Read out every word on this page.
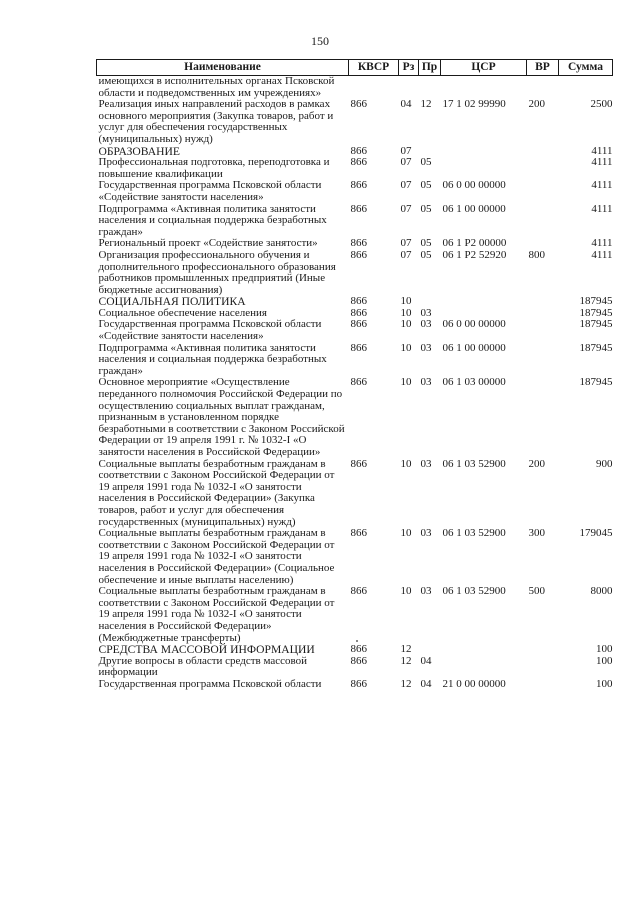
150
Наименование	КВСР	Рз	Пр	ЦСР	ВР	Сумма
имеющихся в исполнительных органах Псковской области и подведомственных им учреждениях»						
Реализация иных направлений расходов в рамках основного мероприятия (Закупка товаров, работ и услуг для обеспечения государственных (муниципальных) нужд)	866	04	12	17 1 02 99990	200	2500
ОБРАЗОВАНИЕ	866	07				4111
Профессиональная подготовка, переподготовка и повышение квалификации	866	07	05			4111
Государственная программа Псковской области «Содействие занятости населения»	866	07	05	06 0 00 00000		4111
Подпрограмма «Активная политика занятости населения и социальная поддержка безработных граждан»	866	07	05	06 1 00 00000		4111
Региональный проект «Содействие занятости»	866	07	05	06 1 P2 00000		4111
Организация профессионального обучения и дополнительного профессионального образования работников промышленных предприятий (Иные бюджетные ассигнования)	866	07	05	06 1 P2 52920	800	4111
СОЦИАЛЬНАЯ ПОЛИТИКА	866	10				187945
Социальное обеспечение населения	866	10	03			187945
Государственная программа Псковской области «Содействие занятости населения»	866	10	03	06 0 00 00000		187945
Подпрограмма «Активная политика занятости населения и социальная поддержка безработных граждан»	866	10	03	06 1 00 00000		187945
Основное мероприятие «Осуществление переданного полномочия Российской Федерации по осуществлению социальных выплат гражданам, признанным в установленном порядке безработными в соответствии с Законом Российской Федерации от 19 апреля 1991 г. № 1032-I «О занятости населения в Российской Федерации»	866	10	03	06 1 03 00000		187945
Социальные выплаты безработным гражданам в соответствии с Законом Российской Федерации от 19 апреля 1991 года № 1032-I «О занятости населения в Российской Федерации» (Закупка товаров, работ и услуг для обеспечения государственных (муниципальных) нужд)	866	10	03	06 1 03 52900	200	900
Социальные выплаты безработным гражданам в соответствии с Законом Российской Федерации от 19 апреля 1991 года № 1032-I «О занятости населения в Российской Федерации» (Социальное обеспечение и иные выплаты населению)	866	10	03	06 1 03 52900	300	179045
Социальные выплаты безработным гражданам в соответствии с Законом Российской Федерации от 19 апреля 1991 года № 1032-I «О занятости населения в Российской Федерации» (Межбюджетные трансферты)	866	10	03	06 1 03 52900	500	8000
СРЕДСТВА МАССОВОЙ ИНФОРМАЦИИ	866	12				100
Другие вопросы в области средств массовой информации	866	12	04			100
Государственная программа Псковской области	866	12	04	21 0 00 00000		100
